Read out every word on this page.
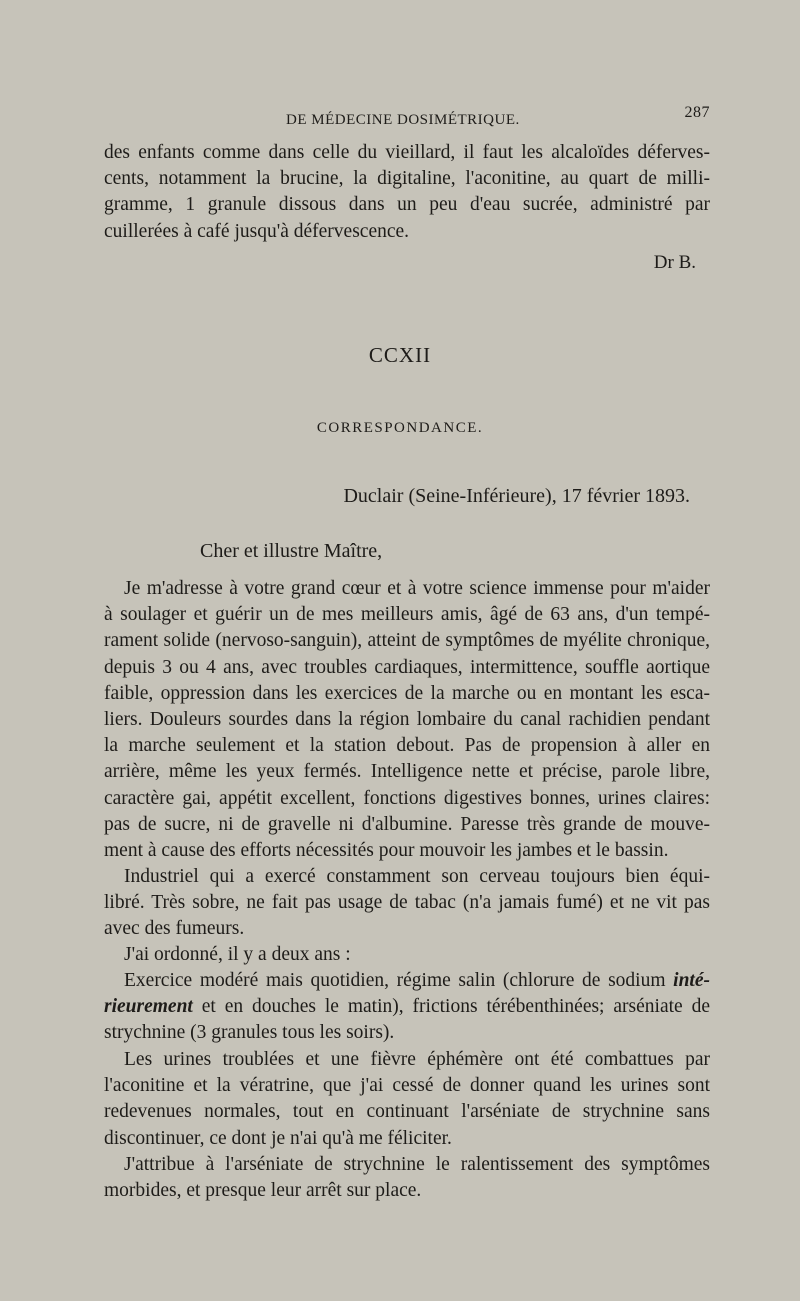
DE MÉDECINE DOSIMÉTRIQUE.	287
des enfants comme dans celle du vieillard, il faut les alcaloïdes déferves-
cents, notamment la brucine, la digitaline, l'aconitine, au quart de milli-
gramme, 1 granule dissous dans un peu d'eau sucrée, administré par
cuillerées à café jusqu'à défervescence.
Dr B.
CCXII
CORRESPONDANCE.
Duclair (Seine-Inférieure), 17 février 1893.
Cher et illustre Maître,
Je m'adresse à votre grand cœur et à votre science immense pour m'aider
à soulager et guérir un de mes meilleurs amis, âgé de 63 ans, d'un tempé-
rament solide (nervoso-sanguin), atteint de symptômes de myélite chronique,
depuis 3 ou 4 ans, avec troubles cardiaques, intermittence, souffle aortique
faible, oppression dans les exercices de la marche ou en montant les esca-
liers. Douleurs sourdes dans la région lombaire du canal rachidien pendant
la marche seulement et la station debout. Pas de propension à aller en
arrière, même les yeux fermés. Intelligence nette et précise, parole libre,
caractère gai, appétit excellent, fonctions digestives bonnes, urines claires:
pas de sucre, ni de gravelle ni d'albumine. Paresse très grande de mouve-
ment à cause des efforts nécessités pour mouvoir les jambes et le bassin.
Industriel qui a exercé constamment son cerveau toujours bien équi-
libré. Très sobre, ne fait pas usage de tabac (n'a jamais fumé) et ne vit pas
avec des fumeurs.
J'ai ordonné, il y a deux ans :
Exercice modéré mais quotidien, régime salin (chlorure de sodium inté-
rieurement et en douches le matin), frictions térébenthinées; arséniate de
strychnine (3 granules tous les soirs).
Les urines troublées et une fièvre éphémère ont été combattues par
l'aconitine et la vératrine, que j'ai cessé de donner quand les urines sont
redevenues normales, tout en continuant l'arséniate de strychnine sans
discontinuer, ce dont je n'ai qu'à me féliciter.
J'attribue à l'arséniate de strychnine le ralentissement des symptômes
morbides, et presque leur arrêt sur place.
